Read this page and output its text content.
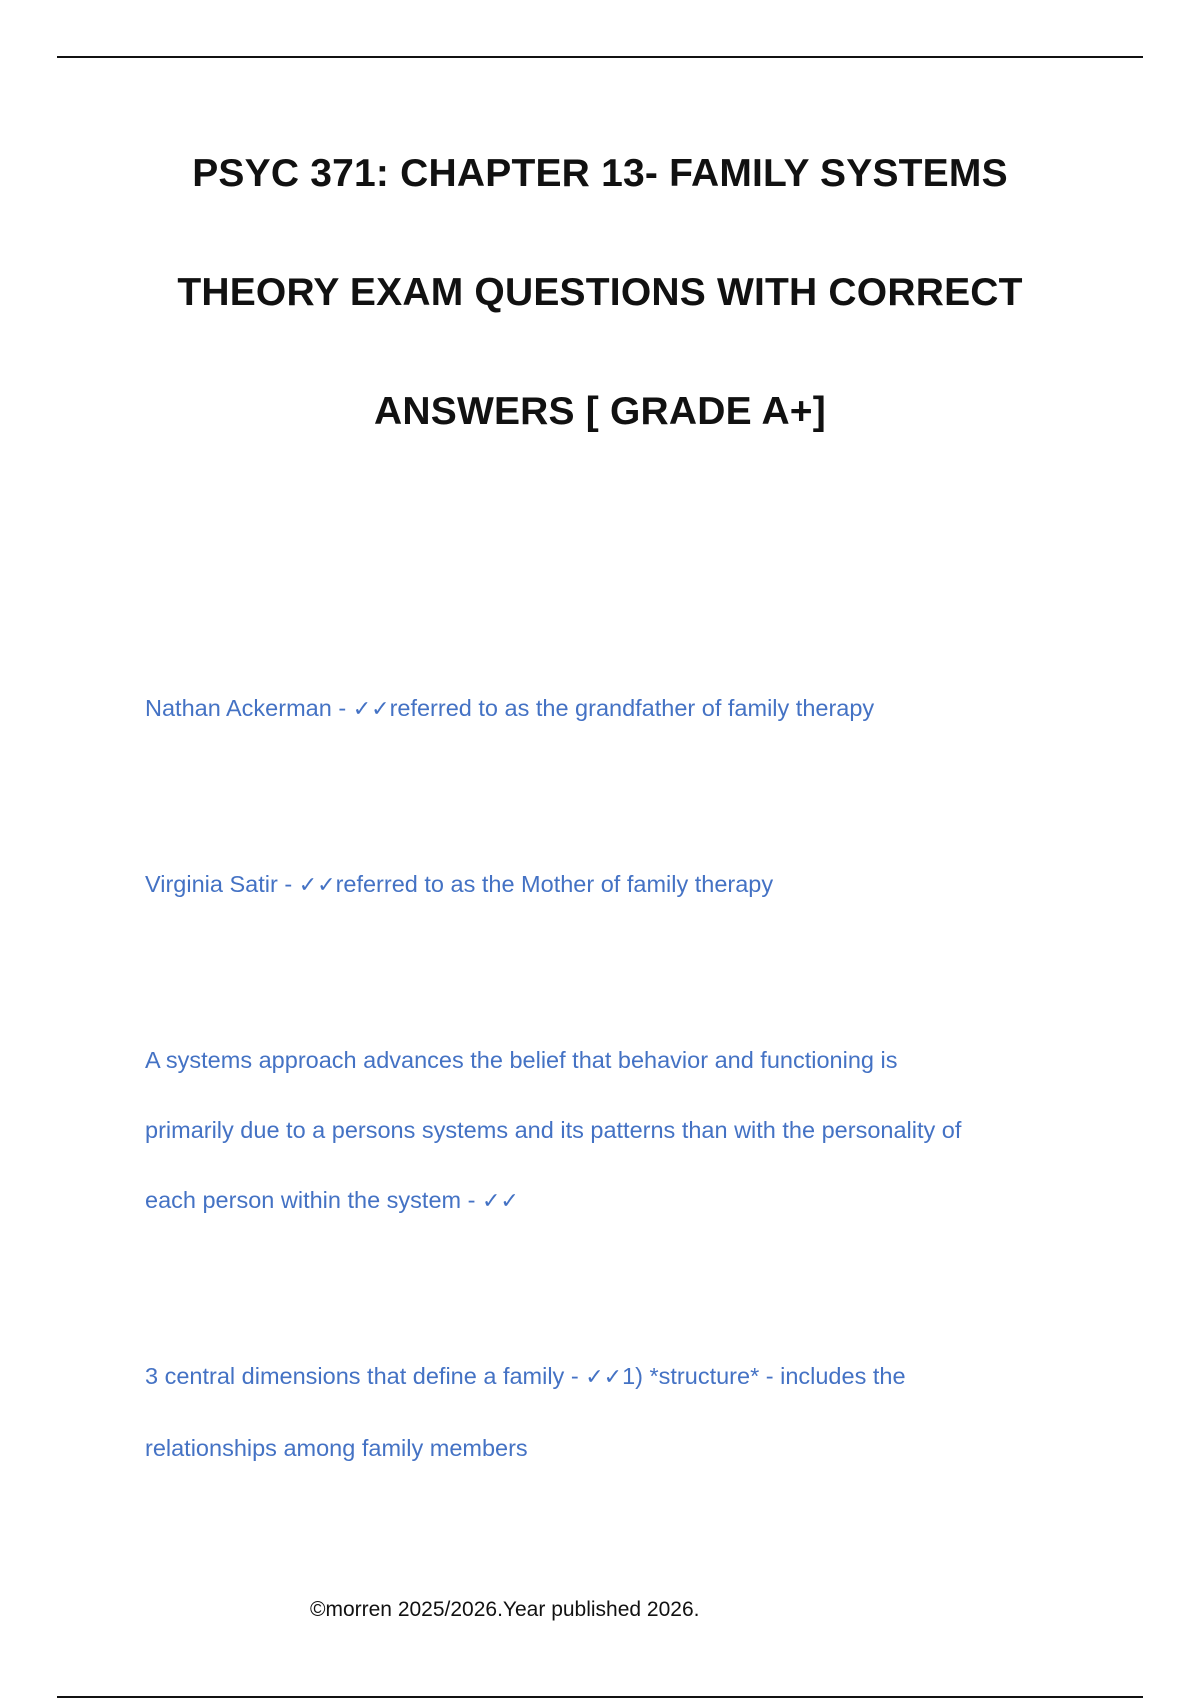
PSYC 371: CHAPTER 13- FAMILY SYSTEMS
THEORY EXAM QUESTIONS WITH CORRECT
ANSWERS [ GRADE A+]

Nathan Ackerman - ✓✓referred to as the grandfather of family therapy

Virginia Satir - ✓✓referred to as the Mother of family therapy

A systems approach advances the belief that behavior and functioning is

primarily due to a persons systems and its patterns than with the personality of

each person within the system - ✓✓

3 central dimensions that define a family - ✓✓1) *structure* - includes the

relationships among family members

©morren 2025/2026.Year published 2026.
